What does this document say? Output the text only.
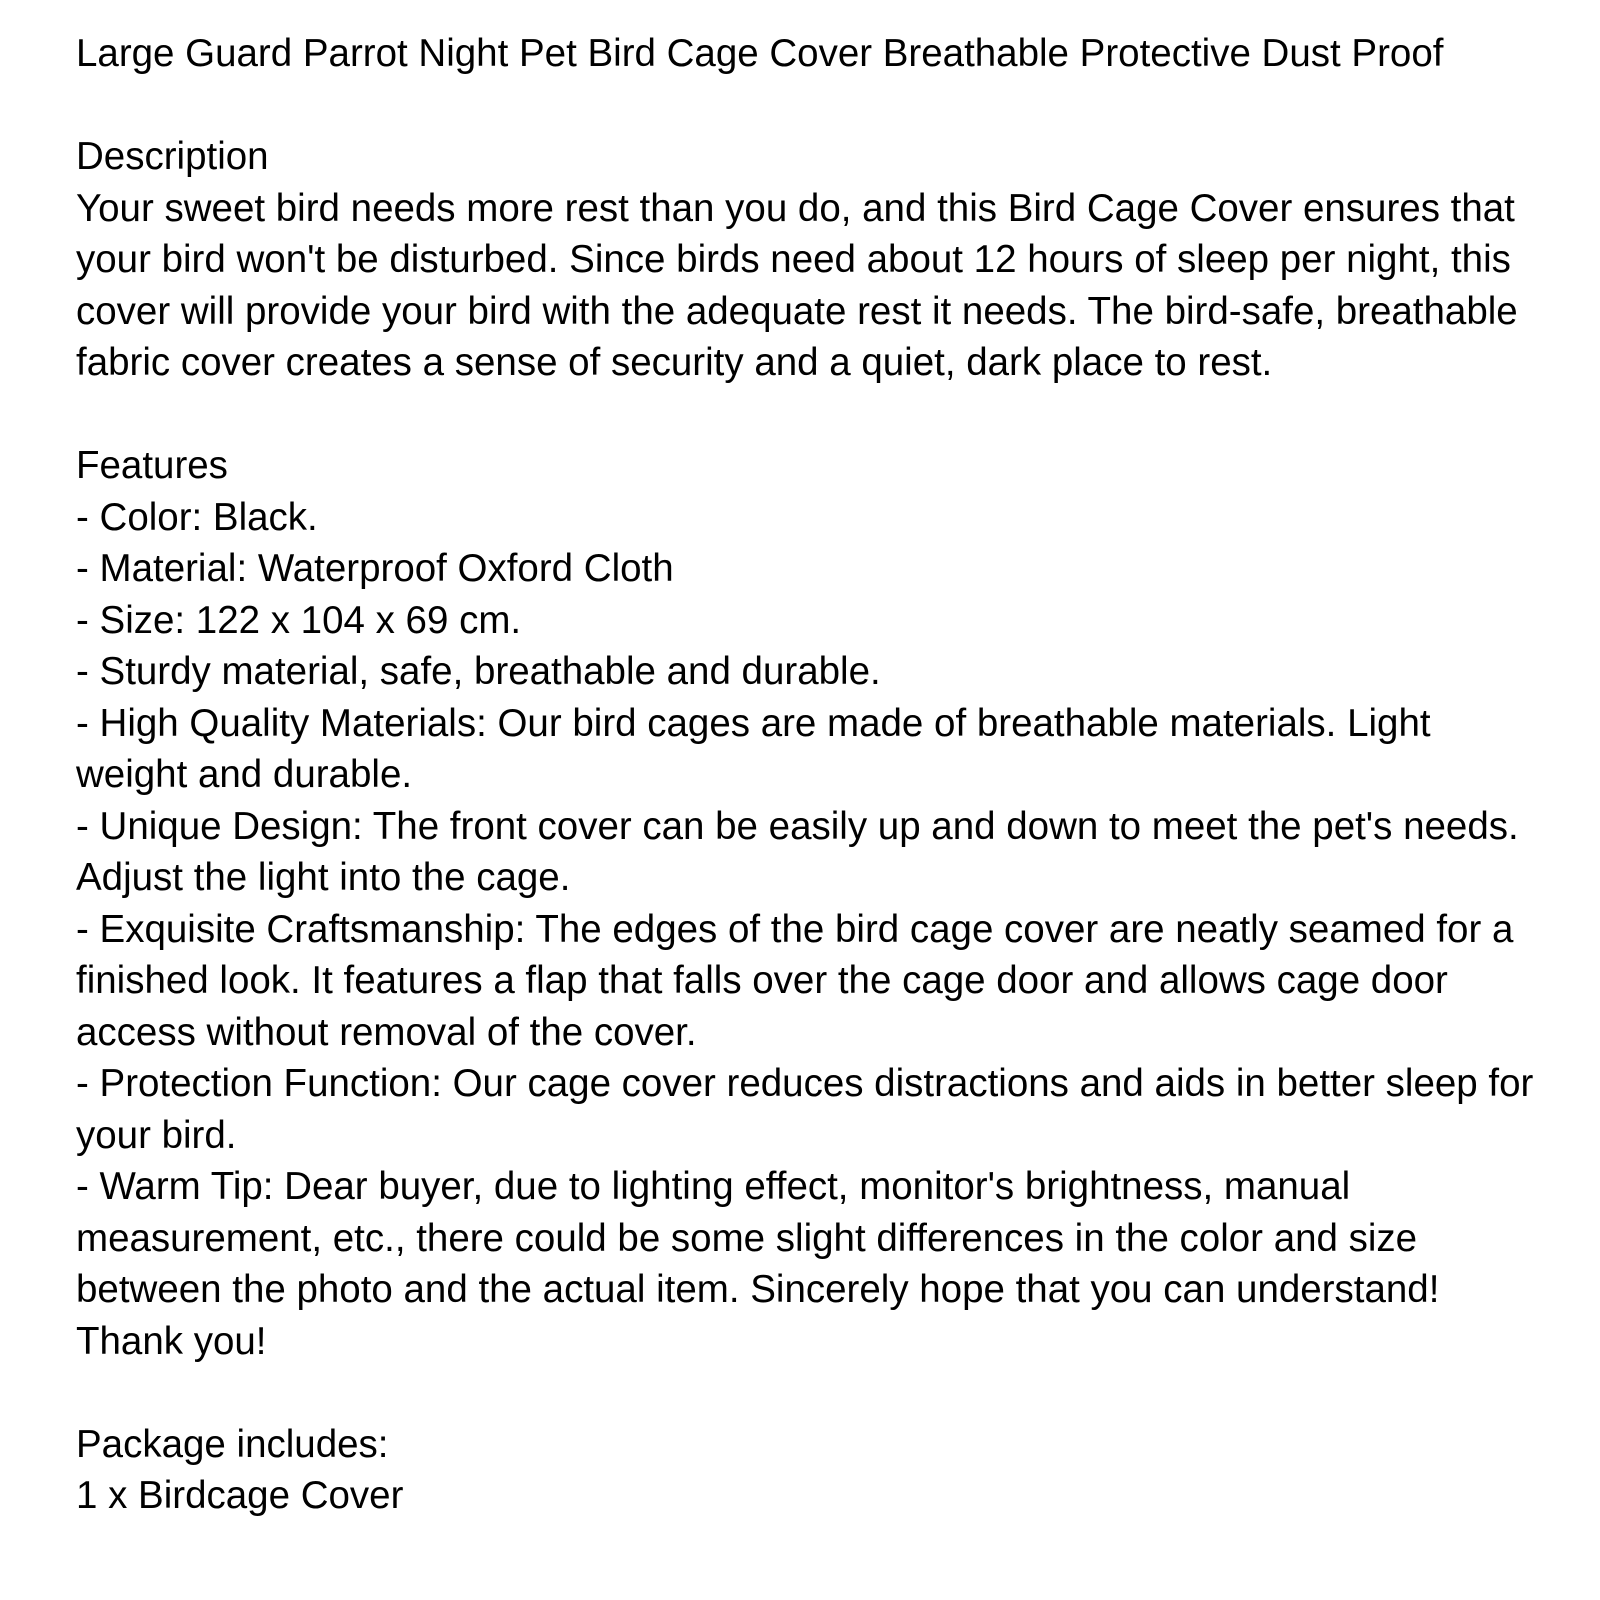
Large Guard Parrot Night Pet Bird Cage Cover Breathable Protective Dust Proof

Description

Your sweet bird needs more rest than you do, and this Bird Cage Cover ensures that your bird won't be disturbed. Since birds need about 12 hours of sleep per night, this cover will provide your bird with the adequate rest it needs. The bird-safe, breathable fabric cover creates a sense of security and a quiet, dark place to rest.

Features

- Color: Black.

- Material: Waterproof Oxford Cloth

- Size: 122 x 104 x 69 cm.

- Sturdy material, safe, breathable and durable.

- High Quality Materials: Our bird cages are made of breathable materials. Light weight and durable.

- Unique Design: The front cover can be easily up and down to meet the pet's needs. Adjust the light into the cage.

- Exquisite Craftsmanship: The edges of the bird cage cover are neatly seamed for a finished look. It features a flap that falls over the cage door and allows cage door access without removal of the cover.

- Protection Function: Our cage cover reduces distractions and aids in better sleep for your bird.

- Warm Tip: Dear buyer, due to lighting effect, monitor's brightness, manual measurement, etc., there could be some slight differences in the color and size between the photo and the actual item. Sincerely hope that you can understand! Thank you!

Package includes:

1 x Birdcage Cover
